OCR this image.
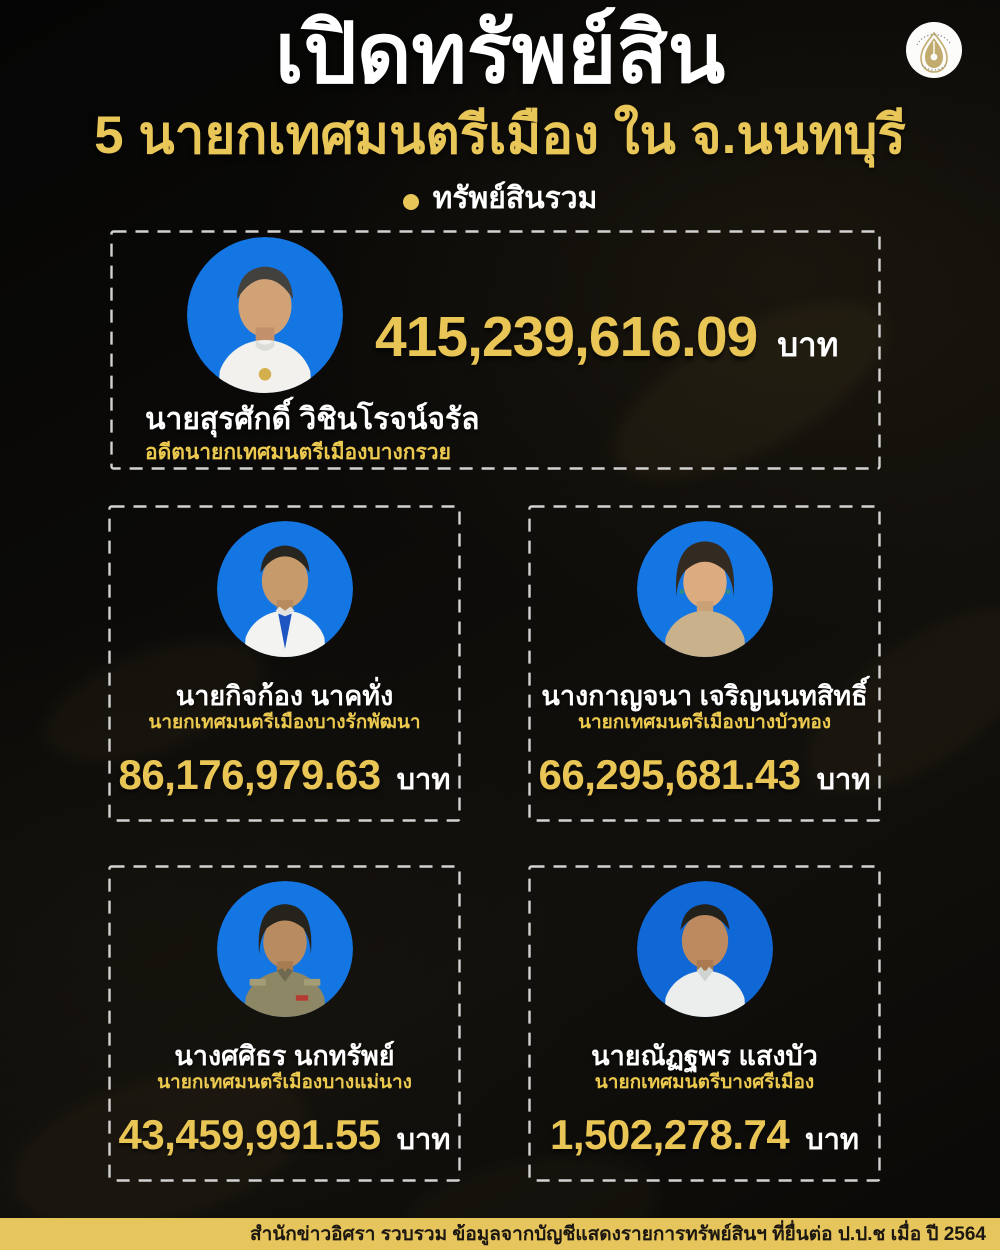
เปิดทรัพย์สิน
5 นายกเทศมนตรีเมือง ใน จ.นนทบุรี
ทรัพย์สินรวม
415,239,616.09 บาท
นายสุรศักดิ์ วิชินโรจน์จรัล
อดีตนายกเทศมนตรีเมืองบางกรวย
นายกิจก้อง นาคทั่ง
นายกเทศมนตรีเมืองบางรักพัฒนา
86,176,979.63 บาท
นางกาญจนา เจริญนนทสิทธิ์
นายกเทศมนตรีเมืองบางบัวทอง
66,295,681.43 บาท
นางศศิธร นกทรัพย์
นายกเทศมนตรีเมืองบางแม่นาง
43,459,991.55 บาท
นายณัฏฐพร แสงบัว
นายกเทศมนตรีบางศรีเมือง
1,502,278.74 บาท
สำนักข่าวอิศรา รวบรวม ข้อมูลจากบัญชีแสดงรายการทรัพย์สินฯ ที่ยื่นต่อ ป.ป.ช เมื่อ ปี 2564
